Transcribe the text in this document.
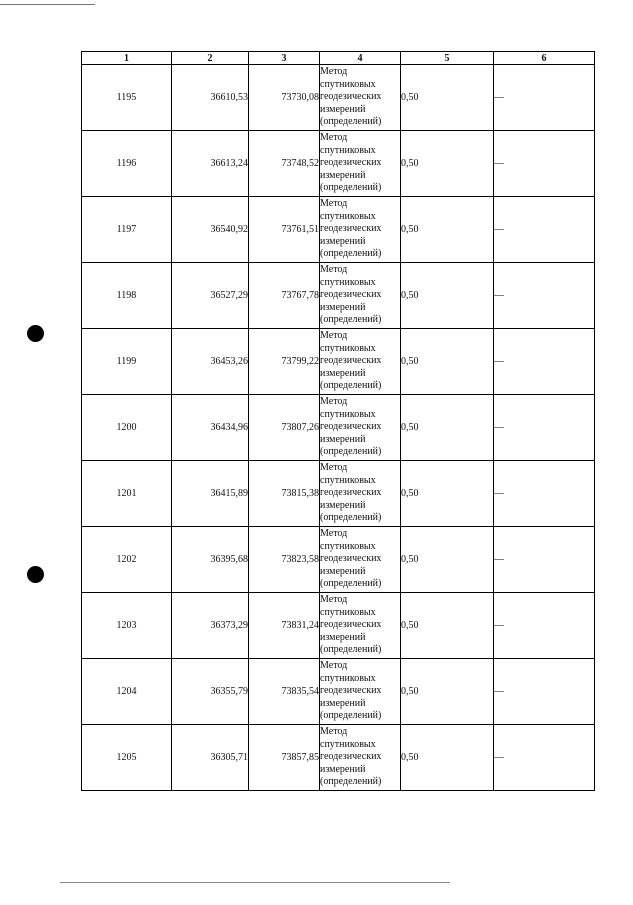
1	2	3	4	5	6
1195	36610,53	73730,08	Метод
спутниковых
геодезических
измерений
(определений)	0,50	—
1196	36613,24	73748,52	Метод
спутниковых
геодезических
измерений
(определений)	0,50	—
1197	36540,92	73761,51	Метод
спутниковых
геодезических
измерений
(определений)	0,50	—
1198	36527,29	73767,78	Метод
спутниковых
геодезических
измерений
(определений)	0,50	—
1199	36453,26	73799,22	Метод
спутниковых
геодезических
измерений
(определений)	0,50	—
1200	36434,96	73807,26	Метод
спутниковых
геодезических
измерений
(определений)	0,50	—
1201	36415,89	73815,38	Метод
спутниковых
геодезических
измерений
(определений)	0,50	—
1202	36395,68	73823,58	Метод
спутниковых
геодезических
измерений
(определений)	0,50	—
1203	36373,29	73831,24	Метод
спутниковых
геодезических
измерений
(определений)	0,50	—
1204	36355,79	73835,54	Метод
спутниковых
геодезических
измерений
(определений)	0,50	—
1205	36305,71	73857,85	Метод
спутниковых
геодезических
измерений
(определений)	0,50	—
